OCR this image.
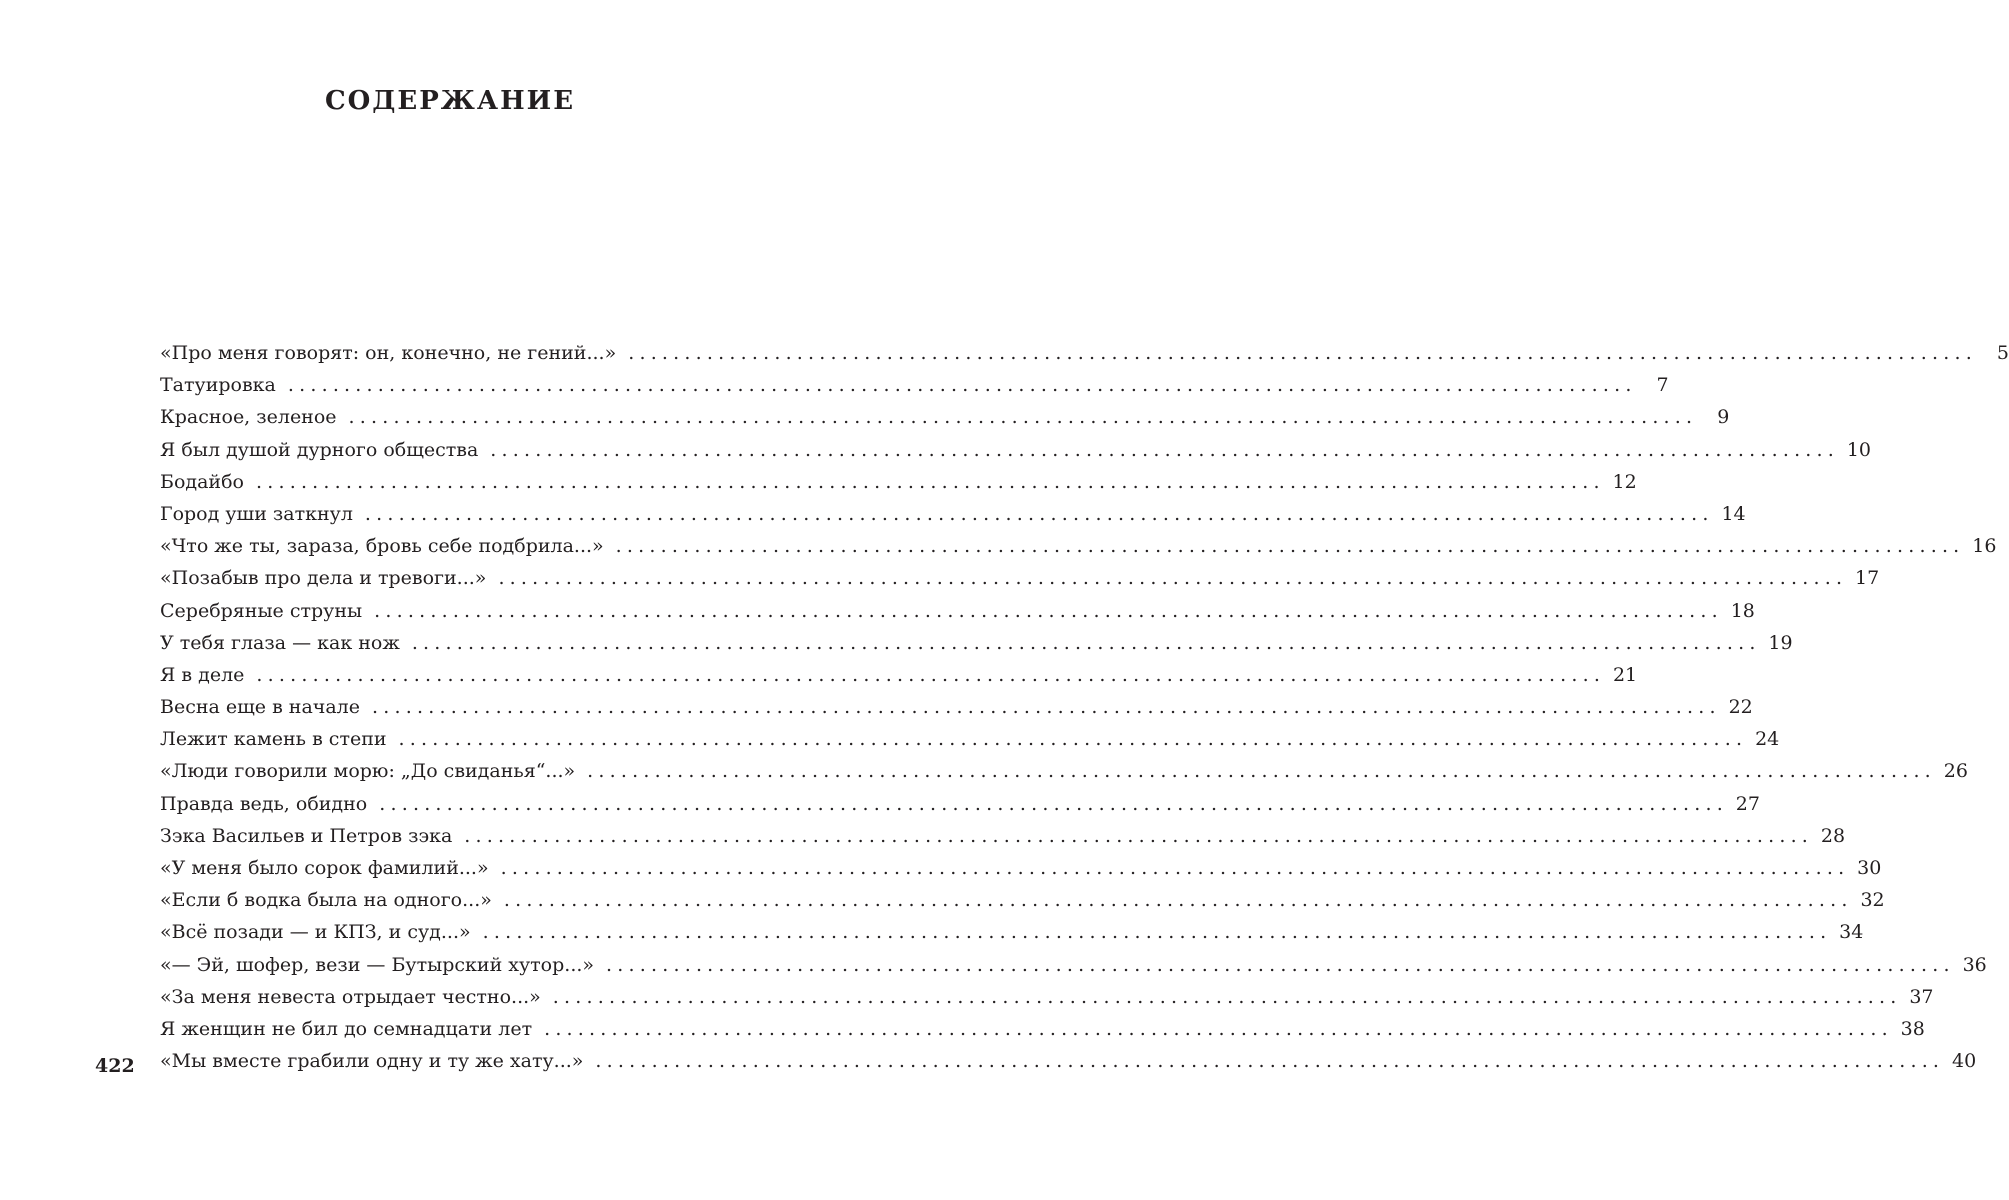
СОДЕРЖАНИЕ
«Про меня говорят: он, конечно, не гений...» ........................................................................................................................	5
Татуировка ........................................................................................................................	7
Красное, зеленое ........................................................................................................................	9
Я был душой дурного общества ........................................................................................................................ 10
Бодайбо ........................................................................................................................ 12
Город уши заткнул ........................................................................................................................ 14
«Что же ты, зараза, бровь себе подбрила...» ........................................................................................................................ 16
«Позабыв про дела и тревоги...» ........................................................................................................................ 17
Серебряные струны ........................................................................................................................ 18
У тебя глаза — как нож ........................................................................................................................ 19
Я в деле ........................................................................................................................ 21
Весна еще в начале ........................................................................................................................ 22
Лежит камень в степи ........................................................................................................................ 24
«Люди говорили морю: „До свиданья“...» ........................................................................................................................ 26
Правда ведь, обидно ........................................................................................................................ 27
Зэка Васильев и Петров зэка ........................................................................................................................ 28
«У меня было сорок фамилий...» ........................................................................................................................ 30
«Если б водка была на одного...» ........................................................................................................................ 32
«Всё позади — и КПЗ, и суд...» ........................................................................................................................ 34
«— Эй, шофер, вези — Бутырский хутор...» ........................................................................................................................ 36
«За меня невеста отрыдает честно...» ........................................................................................................................ 37
Я женщин не бил до семнадцати лет ........................................................................................................................ 38
«Мы вместе грабили одну и ту же хату...» ........................................................................................................................ 40
422
